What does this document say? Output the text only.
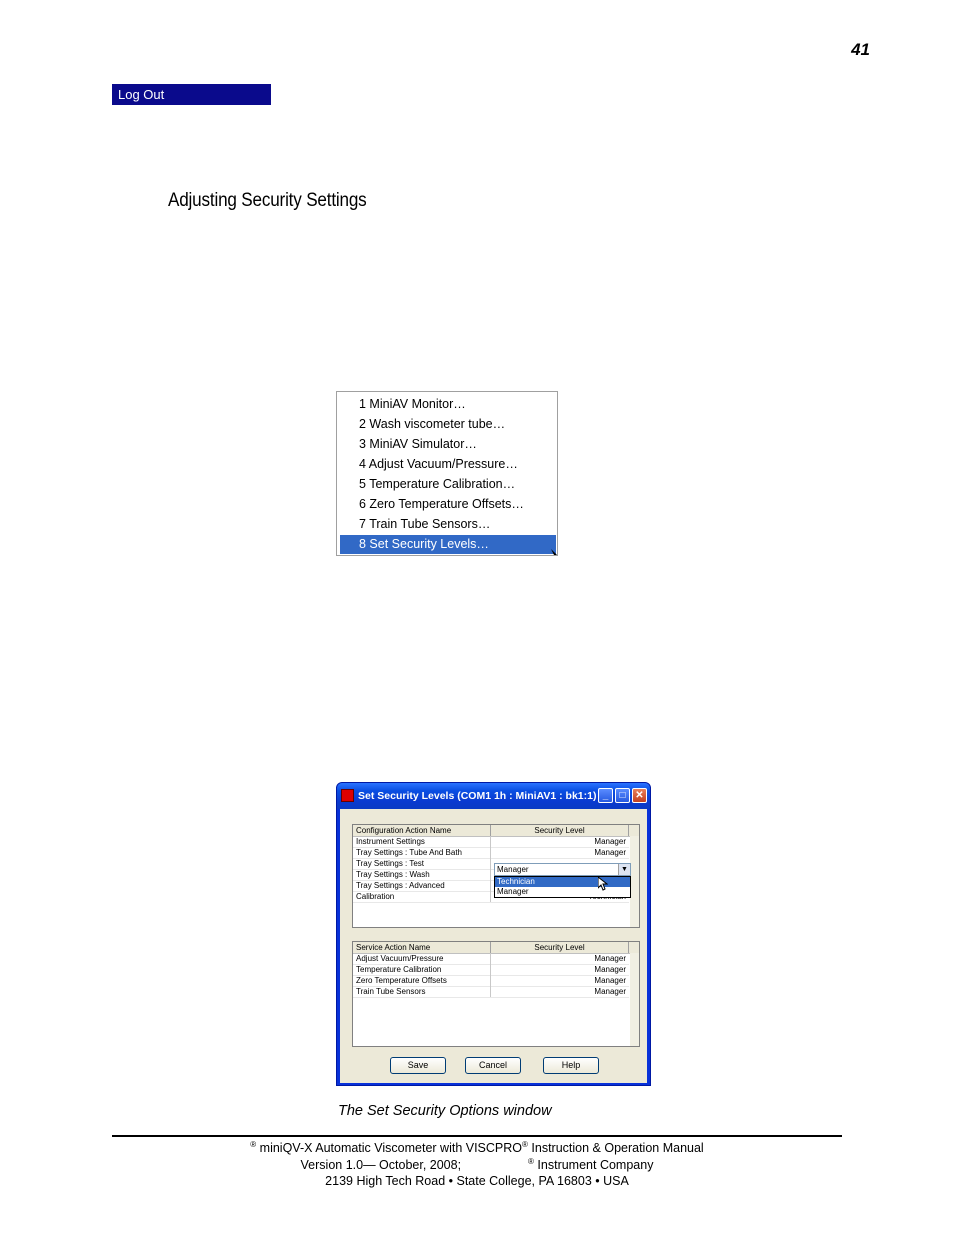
41
Log Out
Adjusting Security Settings
1 MiniAV Monitor…
2 Wash viscometer tube…
3 MiniAV Simulator…
4 Adjust Vacuum/Pressure…
5 Temperature Calibration…
6 Zero Temperature Offsets…
7 Train Tube Sensors…
8 Set Security Levels…
Set Security Levels (COM1 1h : MiniAV1 : bk1:1) _	□ ✕
Configuration Action Name	Security Level
Instrument Settings	Manager
Tray Settings : Tube And Bath	Manager
Tray Settings : Test
Tray Settings : Wash
Tray Settings : Advanced
Calibration
Manager	▼
Technician
Manager
Service Action Name	Security Level
Adjust Vacuum/Pressure	Manager
Temperature Calibration	Manager
Zero Temperature Offsets	Manager
Train Tube Sensors	Manager
Save	Cancel	Help
The Set Security Options window
® miniQV-X Automatic Viscometer with VISCPRO® Instruction & Operation Manual
Version 1.0— October, 2008;	® Instrument Company
2139 High Tech Road • State College, PA 16803 • USA
